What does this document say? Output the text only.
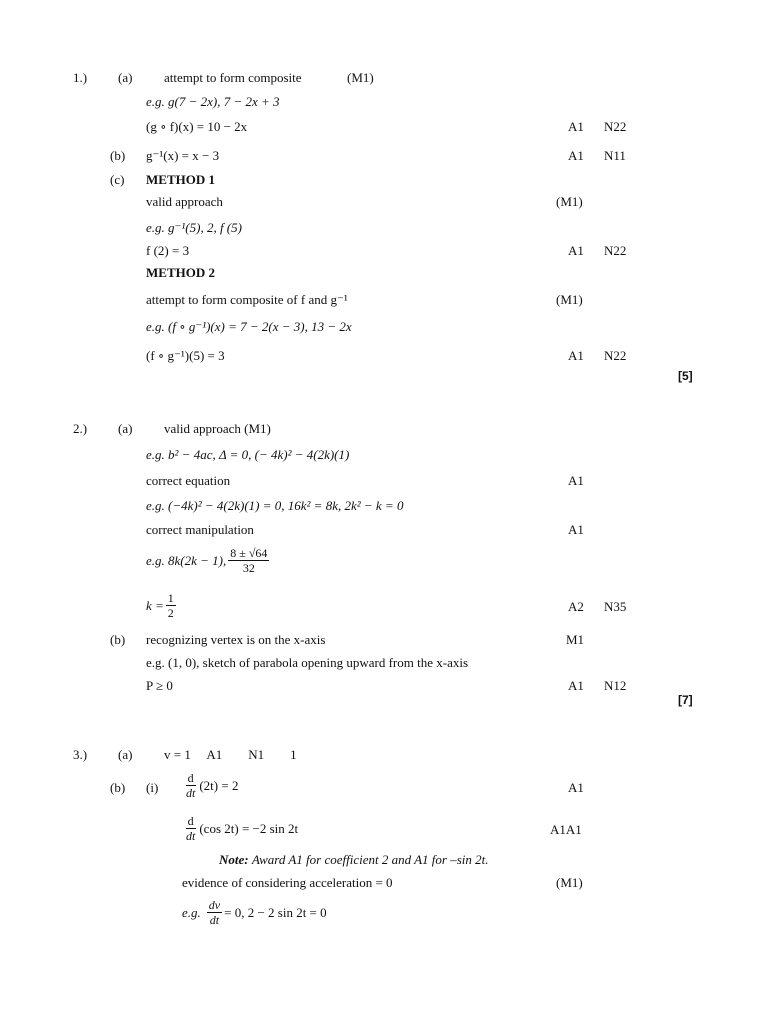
1.) (a) attempt to form composite	(M1)
e.g. g(7 − 2x), 7 − 2x + 3
(g ∘ f)(x) = 10 − 2x	A1 N22
(b) g⁻¹(x) = x − 3	A1 N11
(c) METHOD 1
valid approach	(M1)
e.g. g⁻¹(5), 2, f (5)
f (2) = 3	A1 N22
METHOD 2
attempt to form composite of f and g⁻¹	(M1)
e.g. (f ∘ g⁻¹)(x) = 7 − 2(x − 3), 13 − 2x
(f ∘ g⁻¹)(5) = 3	A1 N22
[5]
2.) (a) valid approach (M1)
e.g. b² − 4ac, Δ = 0, (− 4k)² − 4(2k)(1)
correct equation	A1
e.g. (−4k)² − 4(2k)(1) = 0, 16k² = 8k, 2k² − k = 0
correct manipulation	A1
e.g. 8k(2k − 1), $\frac{8 \pm √64}{32}$
$k = \frac{1}{2}$	A2 N35
(b) recognizing vertex is on the x-axis	M1
e.g. (1, 0), sketch of parabola opening upward from the x-axis
P ≥ 0	A1 N12
[7]
3.) (a) v = 1     A1        N1        1
(b) $(i) \frac{d}{dt} (2t) = 2$	A1
$\frac{d}{dt} (\cos$ 2t) = −2 sin 2t	A1A1
Note: Award A1 for coefficient 2 and A1 for –sin 2t.
evidence of considering acceleration = 0	(M1)
e.g. $\frac{dv}{dt} = 0$, 2 − 2 sin 2t = 0
